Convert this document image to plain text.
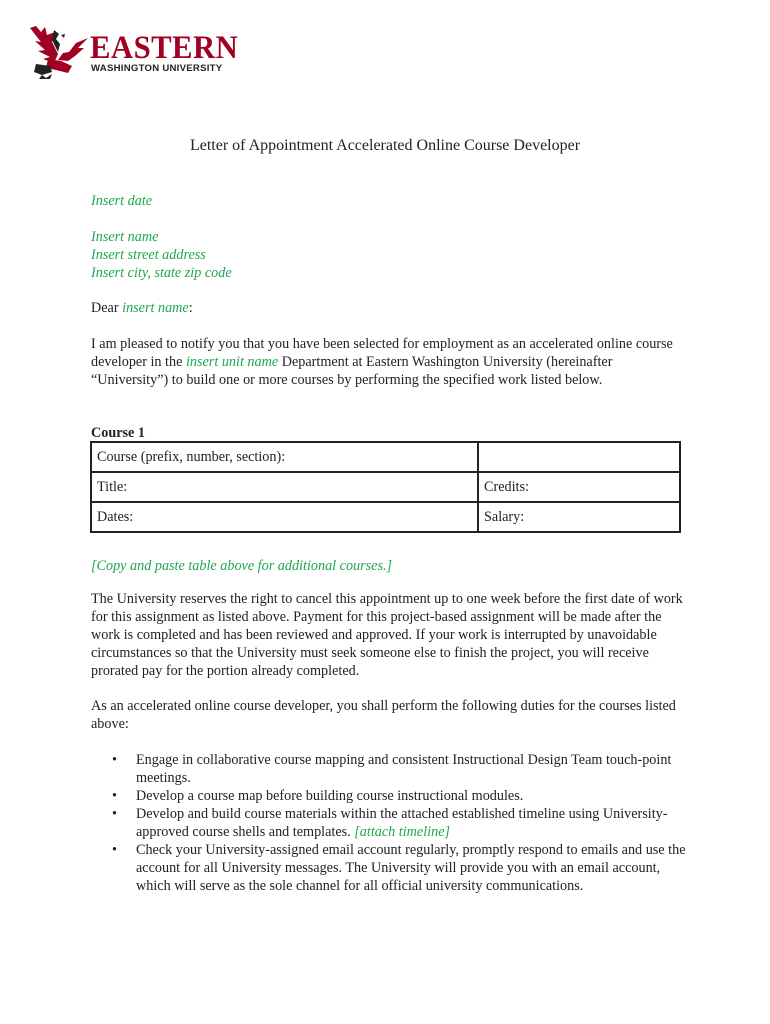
EASTERN
WASHINGTON UNIVERSITY
Letter of Appointment Accelerated Online Course Developer
Insert date
Insert name
Insert street address
Insert city, state zip code
Dear insert name:
I am pleased to notify you that you have been selected for employment as an accelerated online course developer in the insert unit name Department at Eastern Washington University (hereinafter “University”) to build one or more courses by performing the specified work listed below.
Course 1
Course (prefix, number, section):	
Title:	Credits:
Dates:	Salary:
[Copy and paste table above for additional courses.]
The University reserves the right to cancel this appointment up to one week before the first date of work for this assignment as listed above. Payment for this project-based assignment will be made after the work is completed and has been reviewed and approved. If your work is interrupted by unavoidable circumstances so that the University must seek someone else to finish the project, you will receive prorated pay for the portion already completed.
As an accelerated online course developer, you shall perform the following duties for the courses listed above:
• Engage in collaborative course mapping and consistent Instructional Design Team touch-point meetings.
• Develop a course map before building course instructional modules.
• Develop and build course materials within the attached established timeline using University-approved course shells and templates. [attach timeline]
• Check your University-assigned email account regularly, promptly respond to emails and use the account for all University messages. The University will provide you with an email account, which will serve as the sole channel for all official university communications.
